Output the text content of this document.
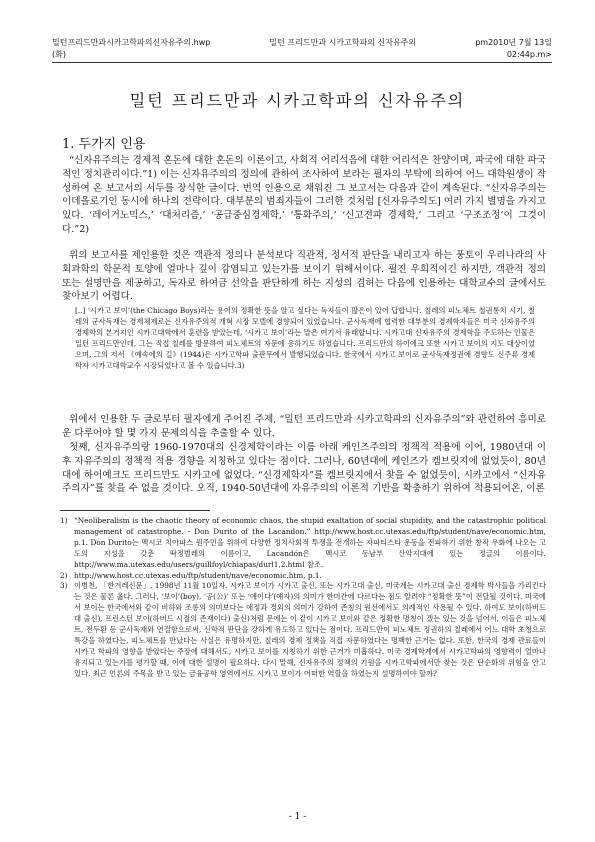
밀턴프리드만과시카고학파의신자유주의.hwp	밀턴 프리드만과 시카고학파의 신자유주의	pm2010년 7월 13일
(화)	02:44p.m>
밀턴 프리드만과 시카고학파의 신자유주의
1. 두가지 인용

“신자유주의는 경제적 혼돈에 대한 혼돈의 이론이고, 사회적 어리석음에 대한 어리석은 찬양이며, 파국에 대한 파국적인 정치관리이다.”1) 이는 신자유주의의 정의에 관하여 조사하여 보라는 필자의 부탁에 의하여 어느 대학원생이 작성하여 온 보고서의 서두를 장식한 글이다. 번역 인용으로 채워진 그 보고서는 다음과 같이 계속된다. “신자유주의는 이데올로기인 동시에 하나의 전략이다. 대부분의 범죄자들이 그러한 것처럼 [신자유주의도] 여러 가지 별명을 가지고 있다. ‘레이거노믹스,’ ‘대처리즘,’ ‘공급중심경제학,’ ‘통화주의,’ ‘신고전파 경제학,’ 그리고 ‘구조조정’이 그것이다.”2)

위의 보고서를 제인용한 것은 객관적 정의나 분석보다 직관적, 정서적 판단을 내리고자 하는 풍토이 우리나라의 사회과학의 학문적 토양에 얼마나 깊이 감염되고 있는가를 보이기 위해서이다. 필진 우희적이긴 하지만, 객관적 정의 또는 설명만을 제공하고, 독자로 하여금 선악을 판단하게 하는 지성의 겸허는 다음에 인용하는 대학교수의 글에서도 찾아보기 어렵다.

[..] ‘시카고 보이’(the Chicago Boys)라는 용어의 정확한 뜻을 알고 싶다는 독자들이 많은이 있어 답합니다. 칠레의 피노체트 철권통치 시기, 칠레의 군사독재는 경제체제로는 신자유주의적 개혁 시장 모델에 경향되어 있었습니다. 군사독재에 협력한 대부분의 경제학자들은 미국 신자유주의 경제학의 본거지인 시카고대학에서 훈련을 받았는데, ‘시카고 보이’라는 말은 여기서 유래합니다. 시카고대 신자유주의 경제학을 주도하는 인물은 밀턴 프리드만인데, 그는 직접 칠레를 방문하여 피노체트의 자문에 응하기도 하였습니다. 프리드만의 하이에크 또한 시카고 보이의 지도 대상이었으며, 그의 저서 《예속에의 길》(1944)은 시카고학파 출판무에서 발행되었습니다. 한국에서 시카고 보이로 군사독재정권에 경향도 신주류 경제학자 시카고대학교수 시장되었다고 볼 수 있습니다.3)

위에서 인용한 두 글로부터 필자에게 주어진 주제, “밀턴 프리드만과 시카고학파의 신자유주의”와 관련하여 흥미로운 다루어야 할 몇 가지 문제의식을 추출할 수 있다.

첫째, 신자유주의랑 1960-1970대의 신경제학이라는 이름 아래 케인즈주의의 정책적 적용에 이어, 1980년대 이후 자유주의의 정책적 적용 경향을 지칭하고 있다는 점이다. 그러나, 60년대에 케인즈가 켐브릿지에 없었듯이, 80년대에 하이예크도 프리드만도 시카고에 없었다. “신경제학자”를 켐브릿지에서 찾을 수 없었듯이, 시카고에서 “신자유주의자”를 찾을 수 없을 것이다. 오직, 1940-50년대에 자유주의의 이론적 기반을 확충하기 위하여 적용되어온, 이론

1) “Neoliberalism is the chaotic theory of economic chaos, the stupid exaltation of social stupidity, and the catastrophic political management of catastrophe. - Don Durito of the Lacandon.” http://www.host.cc.utexas.edu/ftp/student/nave/economic.htm, p.1. Don Durito는 멕시코 치아파스 원주민을 위하여 다양한 정치사회적 투쟁을 전개하는 자파티스타 운동을 전파하기 위한 창작 우화에 나오는 고도의 지성을 갖춘 딱정벌레의 이름이고, Lacandón은 멕시코 동남부 산악지대에 있는 정글의 이름이다. http://www.ma.utexas.edu/users/guillfoyl/chiapas/durl1,2.html 참조.
2) http://www.host.cc.utexas.edu/ftp/student/nave/economic.htm, p.1.
3) 이병천, 「한겨레신문」, 1998년 11월 10일자. 시카고 보이가 시카고 출신, 또는 시카고대 출신, 미국계는 시카고대 출신 경제학 박사들을 가리킨다는 것은 물론 옳다. 그러나, ‘보이’(boy), ‘공(公)’ 또는 ‘얘이다’(얘자)의 의미가 한미간에 다르다는 점도 알려야 “정확한 뜻”이 전달될 것이다. 미국에서 보이는 한국에서와 같이 비하와 조롱의 의미보다는 애정과 경외의 의미가 강하여 존칭의 원선에서도 의례적인 사용될 수 있다. 하여도 보이(하버드대 출신), 프린스턴 보이(하버드 시절의 존재이다) 출신)처럼 문에는 이 같이 시카고 보이와 같은 정확한 명칭이 겠는 있는 것을 넘어서, 이들은 피노체트, 전두환 등 군사독재와 연결함으로써, 신학적 판단을 강하게 유도하고 있다는 점이다. 프리드만이 피노체트 정권하의 칠레에서 어느 대학 초청으로 특강을 하였다는, 피노체트를 만났다는 사실은 유명하지만, 칠레의 경제 정책을 직접 자문하였다는 명백한 근거는 없다. 또한, 한국의 경제 관료들이 시카고 학파의 영향을 받았다는 주장에 대해서도, 시카고 보이를 지칭하기 위한 근거가 미흡하다. 미국 경제학계에서 시카고학파의 영향력이 얼마나 유지되고 있는가를 평가할 때, 이에 대한 설명이 필요하다. 다시 말해, 신자유주의 정책의 기원을 시카고학파에서만 찾는 것은 단순화의 위험을 안고 있다. 최근 언론의 주목을 받고 있는 금융공학 영역에서도 시카고 보이가 어떠한 역할을 하였는지 설명하여야 할까?
- 1 -
